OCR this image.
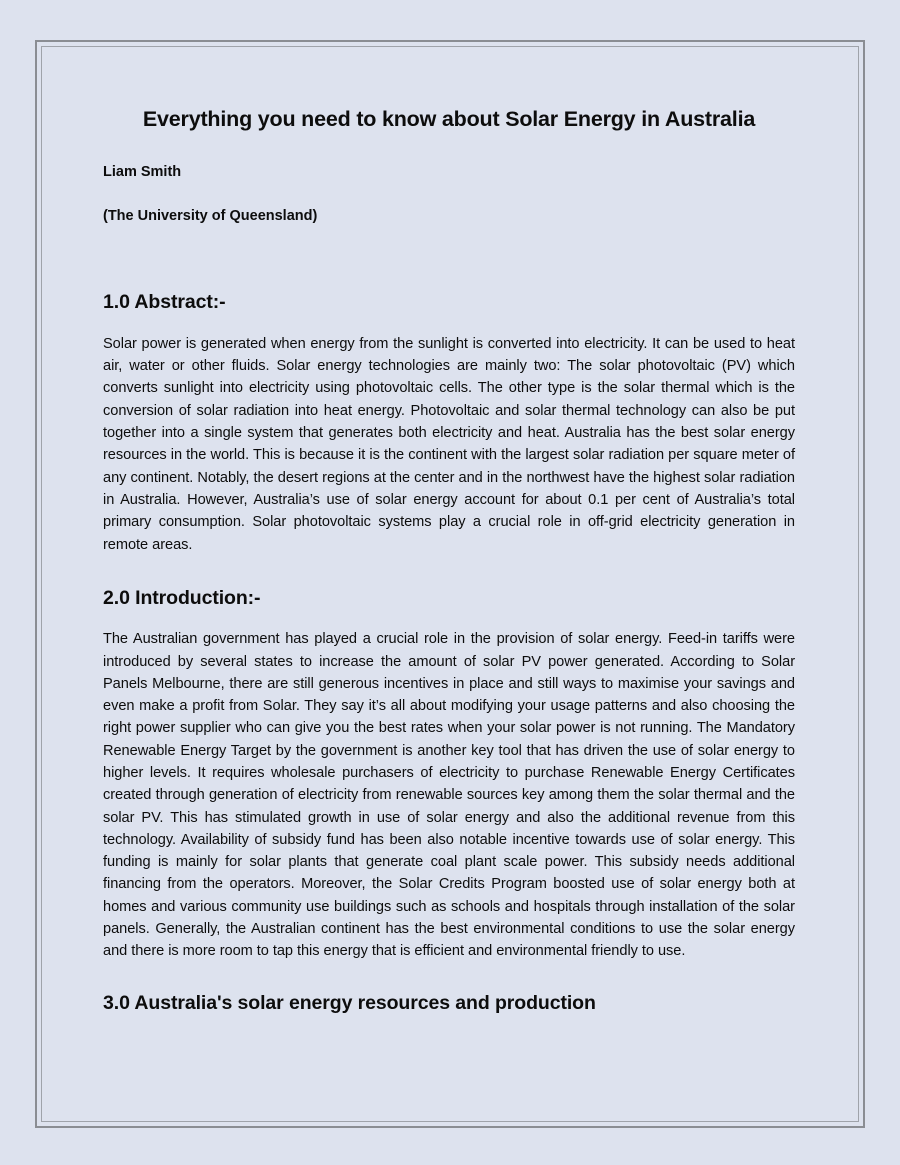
Everything you need to know about Solar Energy in Australia

Liam Smith

(The University of Queensland)

1.0 Abstract:-

Solar power is generated when energy from the sunlight is converted into electricity. It can be used to heat air, water or other fluids. Solar energy technologies are mainly two: The solar photovoltaic (PV) which converts sunlight into electricity using photovoltaic cells. The other type is the solar thermal which is the conversion of solar radiation into heat energy. Photovoltaic and solar thermal technology can also be put together into a single system that generates both electricity and heat. Australia has the best solar energy resources in the world. This is because it is the continent with the largest solar radiation per square meter of any continent. Notably, the desert regions at the center and in the northwest have the highest solar radiation in Australia. However, Australia’s use of solar energy account for about 0.1 per cent of Australia’s total primary consumption. Solar photovoltaic systems play a crucial role in off-grid electricity generation in remote areas.

2.0 Introduction:-

The Australian government has played a crucial role in the provision of solar energy. Feed-in tariffs were introduced by several states to increase the amount of solar PV power generated. According to Solar Panels Melbourne, there are still generous incentives in place and still ways to maximise your savings and even make a profit from Solar. They say it’s all about modifying your usage patterns and also choosing the right power supplier who can give you the best rates when your solar power is not running. The Mandatory Renewable Energy Target by the government is another key tool that has driven the use of solar energy to higher levels. It requires wholesale purchasers of electricity to purchase Renewable Energy Certificates created through generation of electricity from renewable sources key among them the solar thermal and the solar PV. This has stimulated growth in use of solar energy and also the additional revenue from this technology. Availability of subsidy fund has been also notable incentive towards use of solar energy. This funding is mainly for solar plants that generate coal plant scale power. This subsidy needs additional financing from the operators. Moreover, the Solar Credits Program boosted use of solar energy both at homes and various community use buildings such as schools and hospitals through installation of the solar panels. Generally, the Australian continent has the best environmental conditions to use the solar energy and there is more room to tap this energy that is efficient and environmental friendly to use.

3.0 Australia's solar energy resources and production
